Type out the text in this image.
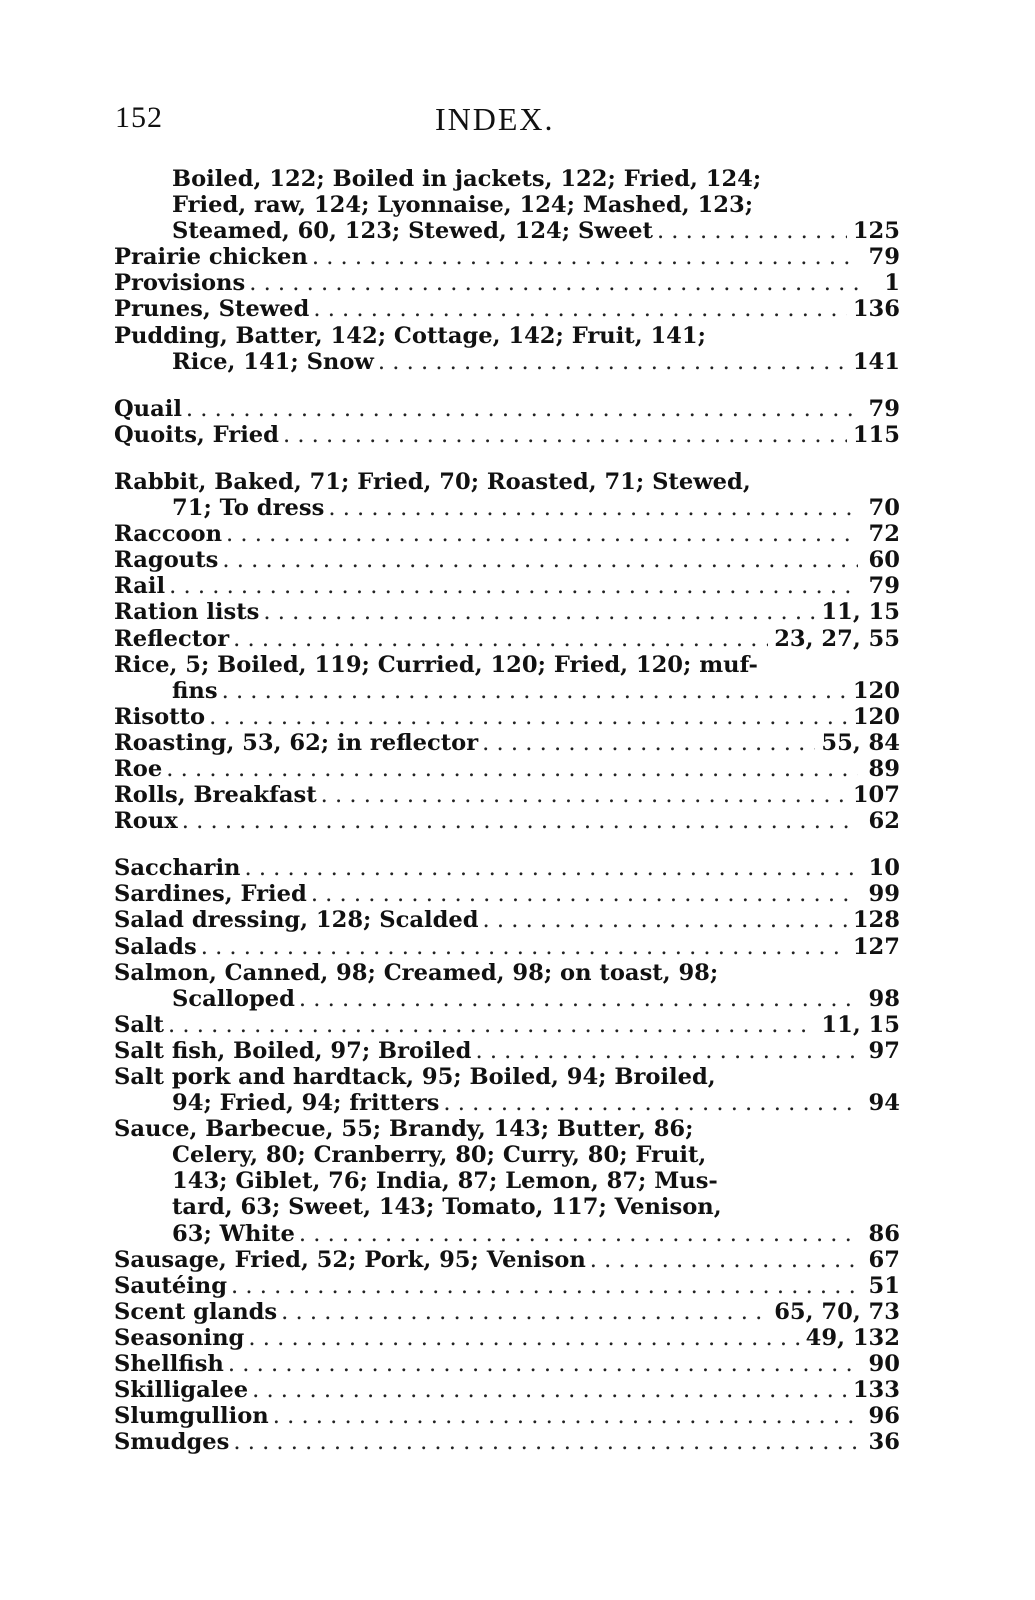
152	INDEX.
Boiled, 122; Boiled in jackets, 122; Fried, 124;
Fried, raw, 124; Lyonnaise, 124; Mashed, 123;
Steamed, 60, 123; Stewed, 124; Sweet . . .	125
Prairie chicken . . .	79
Provisions . . .	1
Prunes, Stewed . . .	136
Pudding, Batter, 142; Cottage, 142; Fruit, 141;
Rice, 141; Snow . . .	141
Quail . . .	79
Quoits, Fried . . .	115
Rabbit, Baked, 71; Fried, 70; Roasted, 71; Stewed,
71; To dress . . .	70
Raccoon . . .	72
Ragouts . . .	60
Rail . . .	79
Ration lists . . .	11, 15
Reflector . . .	23, 27, 55
Rice, 5; Boiled, 119; Curried, 120; Fried, 120; muf-
fins . . .	120
Risotto . . .	120
Roasting, 53, 62; in reflector . . .	55, 84
Roe . . .	89
Rolls, Breakfast . . .	107
Roux . . .	62
Saccharin . . .	10
Sardines, Fried . . .	99
Salad dressing, 128; Scalded . . .	128
Salads . . .	127
Salmon, Canned, 98; Creamed, 98; on toast, 98;
Scalloped . . .	98
Salt . . .	11, 15
Salt fish, Boiled, 97; Broiled . . .	97
Salt pork and hardtack, 95; Boiled, 94; Broiled,
94; Fried, 94; fritters . . .	94
Sauce, Barbecue, 55; Brandy, 143; Butter, 86;
Celery, 80; Cranberry, 80; Curry, 80; Fruit,
143; Giblet, 76; India, 87; Lemon, 87; Mus-
tard, 63; Sweet, 143; Tomato, 117; Venison,
63; White . . .	86
Sausage, Fried, 52; Pork, 95; Venison . . .	67
Sautéing . . .	51
Scent glands . . .	65, 70, 73
Seasoning . . .	49, 132
Shellfish . . .	90
Skilligalee . . .	133
Slumgullion . . .	96
Smudges . . .	36
